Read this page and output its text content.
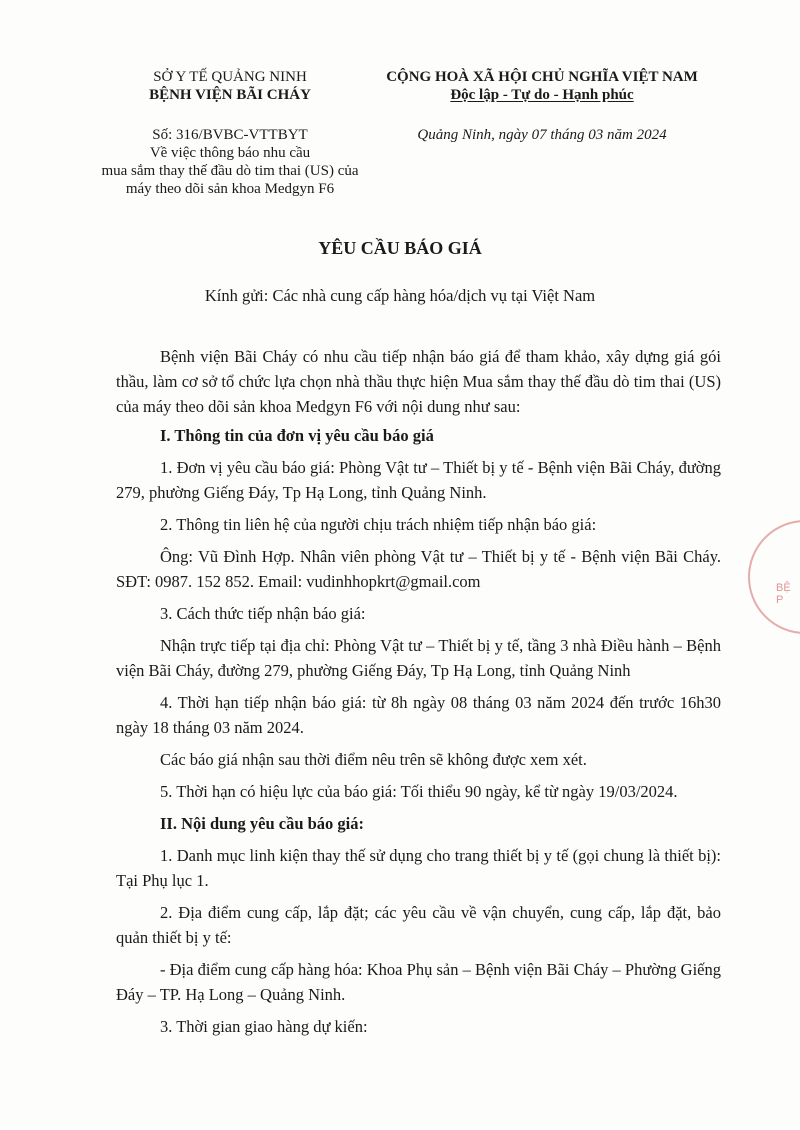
SỞ Y TẾ QUẢNG NINH
BỆNH VIỆN BÃI CHÁY
Số: 316/BVBC-VTTBYT
Về việc thông báo nhu cầu
mua sắm thay thế đầu dò tim thai (US) của
máy theo dõi sản khoa Medgyn F6
CỘNG HOÀ XÃ HỘI CHỦ NGHĨA VIỆT NAM
Độc lập - Tự do - Hạnh phúc
Quảng Ninh, ngày 07 tháng 03 năm 2024
YÊU CẦU BÁO GIÁ
Kính gửi: Các nhà cung cấp hàng hóa/dịch vụ tại Việt Nam

Bệnh viện Bãi Cháy có nhu cầu tiếp nhận báo giá để tham khảo, xây dựng giá gói thầu, làm cơ sở tổ chức lựa chọn nhà thầu thực hiện Mua sắm thay thế đầu dò tim thai (US) của máy theo dõi sản khoa Medgyn F6 với nội dung như sau:

I. Thông tin của đơn vị yêu cầu báo giá

1. Đơn vị yêu cầu báo giá: Phòng Vật tư – Thiết bị y tế - Bệnh viện Bãi Cháy, đường 279, phường Giếng Đáy, Tp Hạ Long, tỉnh Quảng Ninh.

2. Thông tin liên hệ của người chịu trách nhiệm tiếp nhận báo giá:

Ông: Vũ Đình Hợp. Nhân viên phòng Vật tư – Thiết bị y tế - Bệnh viện Bãi Cháy. SĐT: 0987. 152 852. Email: vudinhhopkrt@gmail.com

3. Cách thức tiếp nhận báo giá:

Nhận trực tiếp tại địa chỉ: Phòng Vật tư – Thiết bị y tế, tầng 3 nhà Điều hành – Bệnh viện Bãi Cháy, đường 279, phường Giếng Đáy, Tp Hạ Long, tỉnh Quảng Ninh

4. Thời hạn tiếp nhận báo giá: từ 8h ngày 08 tháng 03 năm 2024 đến trước 16h30 ngày 18 tháng 03 năm 2024.

Các báo giá nhận sau thời điểm nêu trên sẽ không được xem xét.

5. Thời hạn có hiệu lực của báo giá: Tối thiểu 90 ngày, kể từ ngày 19/03/2024.

II. Nội dung yêu cầu báo giá:

1. Danh mục linh kiện thay thế sử dụng cho trang thiết bị y tế (gọi chung là thiết bị): Tại Phụ lục 1.

2. Địa điểm cung cấp, lắp đặt; các yêu cầu về vận chuyển, cung cấp, lắp đặt, bảo quản thiết bị y tế:

- Địa điểm cung cấp hàng hóa: Khoa Phụ sản – Bệnh viện Bãi Cháy – Phường Giếng Đáy – TP. Hạ Long – Quảng Ninh.

3. Thời gian giao hàng dự kiến:

BỆ
P
